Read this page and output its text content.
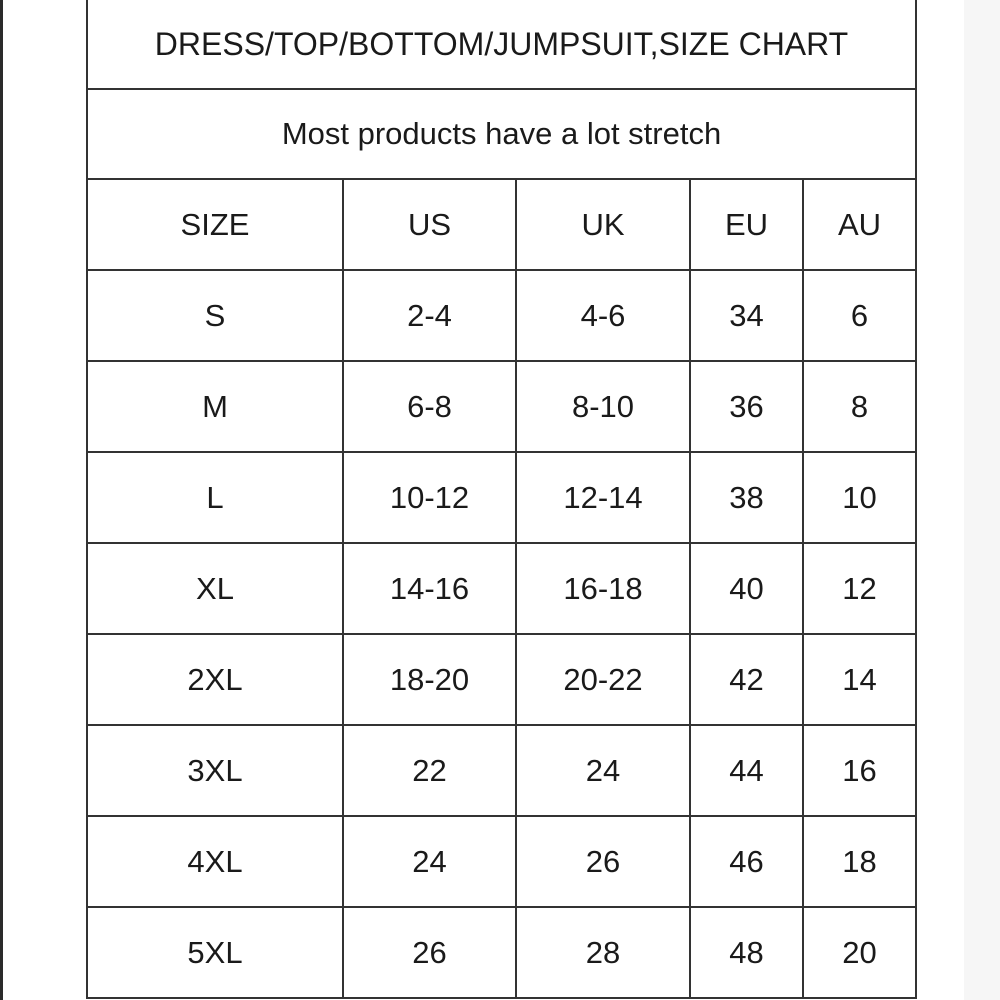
DRESS/TOP/BOTTOM/JUMPSUIT,SIZE CHART				
Most products have a lot stretch				
SIZE	US	UK	EU	AU
S	2-4	4-6	34	6
M	6-8	8-10	36	8
L	10-12	12-14	38	10
XL	14-16	16-18	40	12
2XL	18-20	20-22	42	14
3XL	22	24	44	16
4XL	24	26	46	18
5XL	26	28	48	20
